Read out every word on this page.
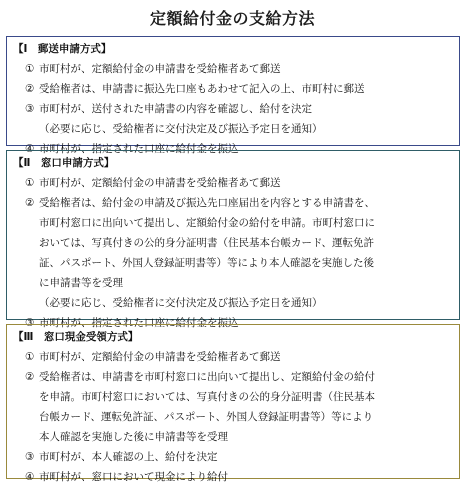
定額給付金の支給方法
【Ⅰ　郵送申請方式】
① 市町村が、定額給付金の申請書を受給権者あて郵送
② 受給権者は、申請書に振込先口座もあわせて記入の上、市町村に郵送
③ 市町村が、送付された申請書の内容を確認し、給付を決定
（必要に応じ、受給権者に交付決定及び振込予定日を通知）
④ 市町村が、指定された口座に給付金を振込
【Ⅱ　窓口申請方式】
① 市町村が、定額給付金の申請書を受給権者あて郵送
② 受給権者は、給付金の申請及び振込先口座届出を内容とする申請書を、
市町村窓口に出向いて提出し、定額給付金の給付を申請。市町村窓口に
おいては、写真付きの公的身分証明書（住民基本台帳カード、運転免許
証、パスポート、外国人登録証明書等）等により本人確認を実施した後
に申請書等を受理
（必要に応じ、受給権者に交付決定及び振込予定日を通知）
③ 市町村が、指定された口座に給付金を振込
【Ⅲ　窓口現金受領方式】
① 市町村が、定額給付金の申請書を受給権者あて郵送
② 受給権者は、申請書を市町村窓口に出向いて提出し、定額給付金の給付
を申請。市町村窓口においては、写真付きの公的身分証明書（住民基本
台帳カード、運転免許証、パスポート、外国人登録証明書等）等により
本人確認を実施した後に申請書等を受理
③ 市町村が、本人確認の上、給付を決定
④ 市町村が、窓口において現金により給付
